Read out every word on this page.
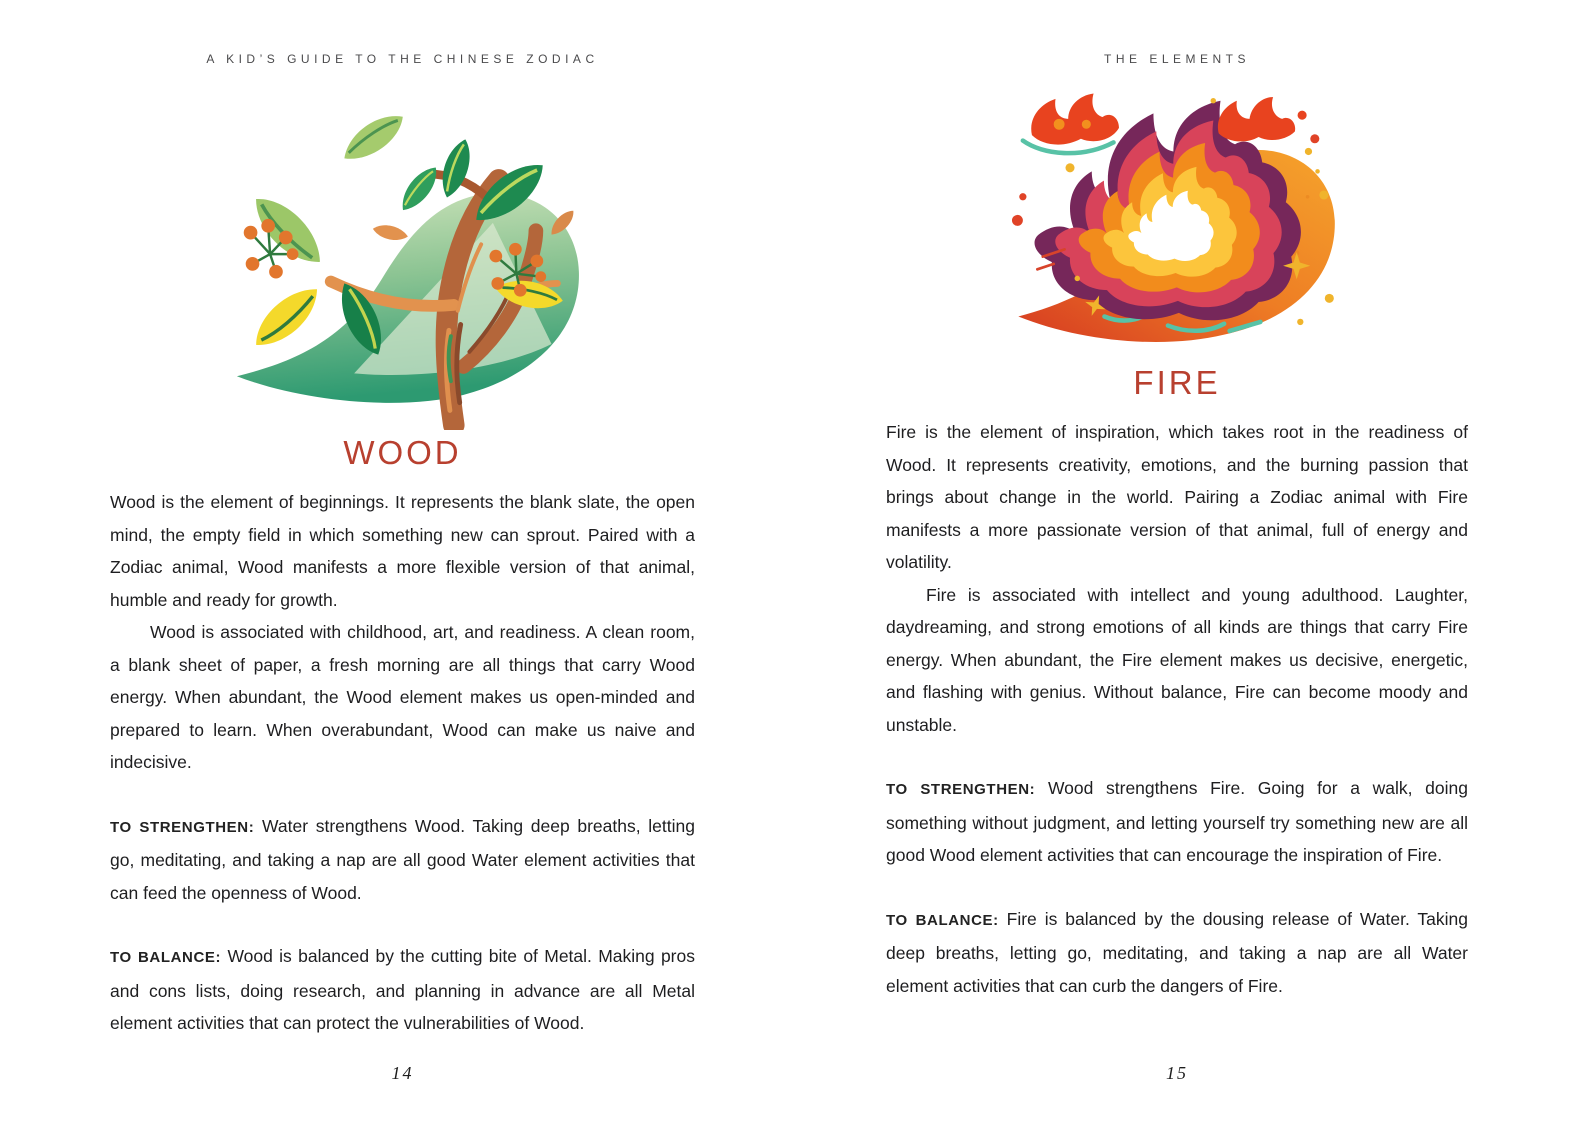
A KID’S GUIDE TO THE CHINESE ZODIAC
WOOD

Wood is the element of beginnings. It represents the blank slate, the open mind, the empty field in which something new can sprout. Paired with a Zodiac animal, Wood manifests a more flexible version of that animal, humble and ready for growth.

Wood is associated with childhood, art, and readiness. A clean room, a blank sheet of paper, a fresh morning are all things that carry Wood energy. When abundant, the Wood element makes us open-minded and prepared to learn. When overabundant, Wood can make us naive and indecisive.

TO STRENGTHEN: Water strengthens Wood. Taking deep breaths, letting go, meditating, and taking a nap are all good Water element activities that can feed the openness of Wood.

TO BALANCE: Wood is balanced by the cutting bite of Metal. Making pros and cons lists, doing research, and planning in advance are all Metal element activities that can protect the vulnerabilities of Wood.

14
THE ELEMENTS
FIRE

Fire is the element of inspiration, which takes root in the readiness of Wood. It represents creativity, emotions, and the burning passion that brings about change in the world. Pairing a Zodiac animal with Fire manifests a more passionate version of that animal, full of energy and volatility.

Fire is associated with intellect and young adulthood. Laughter, daydreaming, and strong emotions of all kinds are things that carry Fire energy. When abundant, the Fire element makes us decisive, energetic, and flashing with genius. Without balance, Fire can become moody and unstable.

TO STRENGTHEN: Wood strengthens Fire. Going for a walk, doing something without judgment, and letting yourself try something new are all good Wood element activities that can encourage the inspiration of Fire.

TO BALANCE: Fire is balanced by the dousing release of Water. Taking deep breaths, letting go, meditating, and taking a nap are all Water element activities that can curb the dangers of Fire.

15
